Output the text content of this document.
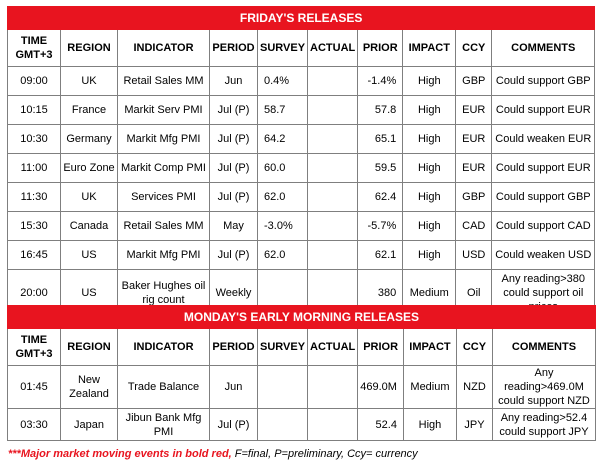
FRIDAY'S RELEASES									
TIME
GMT+3	REGION	INDICATOR	PERIOD	SURVEY	ACTUAL	PRIOR	IMPACT	CCY	COMMENTS
09:00	UK	Retail Sales MM	Jun	0.4%		-1.4%	High	GBP	Could support GBP
10:15	France	Markit Serv PMI	Jul (P)	58.7		57.8	High	EUR	Could support EUR
10:30	Germany	Markit Mfg PMI	Jul (P)	64.2		65.1	High	EUR	Could weaken EUR
11:00	Euro Zone	Markit Comp PMI	Jul (P)	60.0		59.5	High	EUR	Could support EUR
11:30	UK	Services PMI	Jul (P)	62.0		62.4	High	GBP	Could support GBP
15:30	Canada	Retail Sales MM	May	-3.0%		-5.7%	High	CAD	Could support CAD
16:45	US	Markit Mfg PMI	Jul (P)	62.0		62.1	High	USD	Could weaken USD
20:00	US	Baker Hughes oil rig count	Weekly			380	Medium	Oil	Any reading>380 could support oil
MONDAY'S EARLY MORNING RELEASES									
TIME
GMT+3	REGION	INDICATOR	PERIOD	SURVEY	ACTUAL	PRIOR	IMPACT	CCY	COMMENTS
01:45	New Zealand	Trade Balance	Jun			469.0M	Medium	NZD	Any reading>469.0M could support NZD
03:30	Japan	Jibun Bank Mfg PMI	Jul (P)			52.4	High	JPY	Any reading>52.4 could support JPY
***Major market moving events in bold red, F=final, P=preliminary, Ccy= currency
